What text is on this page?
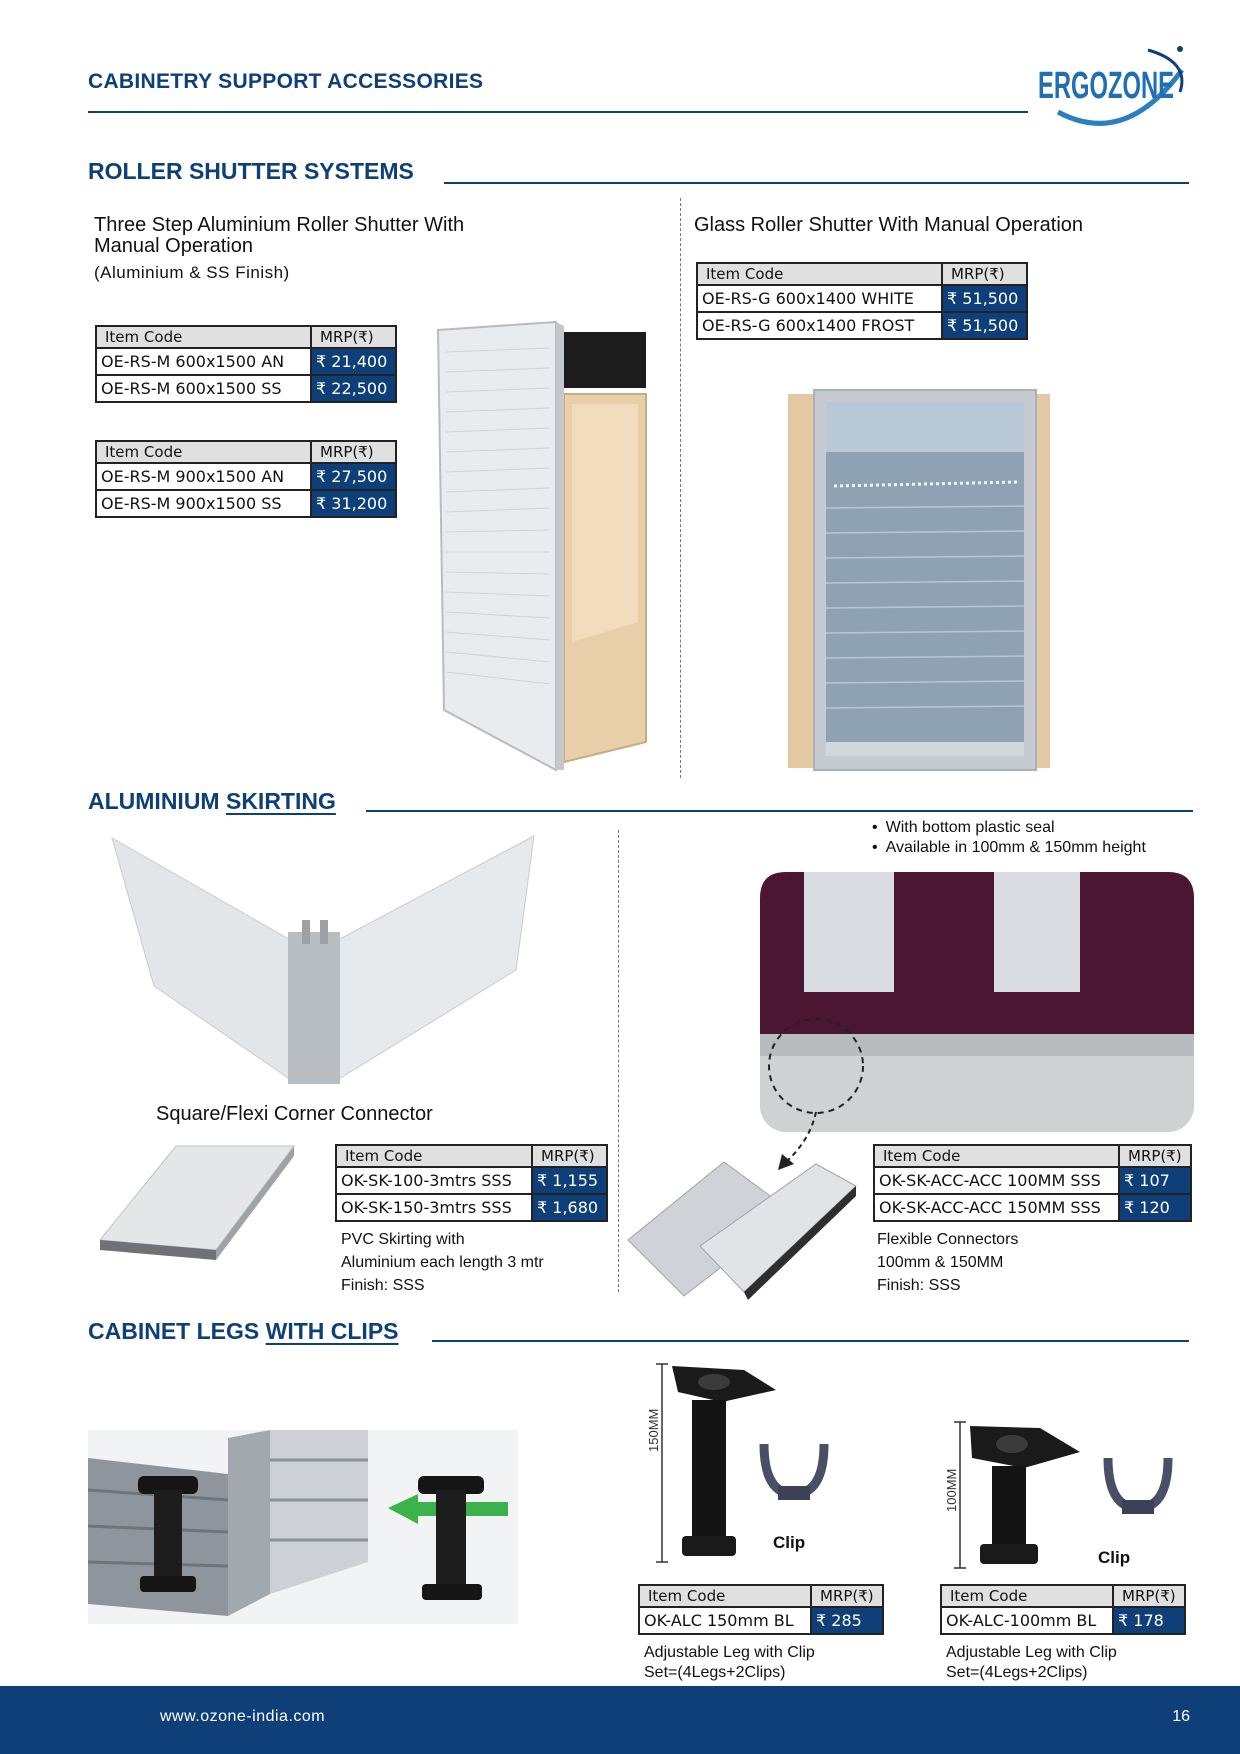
CABINETRY SUPPORT ACCESSORIES	ERGOZONE
ROLLER SHUTTER SYSTEMS
Three Step Aluminium Roller Shutter With
Manual Operation
(Aluminium & SS Finish)
Item Code	MRP(₹)
OE-RS-M 600x1500 AN	₹ 21,400
OE-RS-M 600x1500 SS	₹ 22,500
Item Code	MRP(₹)
OE-RS-M 900x1500 AN	₹ 27,500
OE-RS-M 900x1500 SS	₹ 31,200
Glass Roller Shutter With Manual Operation
Item Code	MRP(₹)
OE-RS-G 600x1400 WHITE	₹ 51,500
OE-RS-G 600x1400 FROST	₹ 51,500
ALUMINIUM SKIRTING
• With bottom plastic seal
• Available in 100mm & 150mm height
Square/Flexi Corner Connector
Item Code	MRP(₹)
OK-SK-100-3mtrs SSS	₹ 1,155
OK-SK-150-3mtrs SSS	₹ 1,680
PVC Skirting with
Aluminium each length 3 mtr
Finish: SSS
Item Code	MRP(₹)
OK-SK-ACC-ACC 100MM SSS	₹ 107
OK-SK-ACC-ACC 150MM SSS	₹ 120
Flexible Connectors
100mm & 150MM
Finish: SSS
CABINET LEGS WITH CLIPS
150MM
Clip
100MM
Clip
Item Code	MRP(₹)
OK-ALC 150mm BL	₹ 285
Adjustable Leg with Clip
Set=(4Legs+2Clips)
Item Code	MRP(₹)
OK-ALC-100mm BL	₹ 178
Adjustable Leg with Clip
Set=(4Legs+2Clips)
www.ozone-india.com	16
